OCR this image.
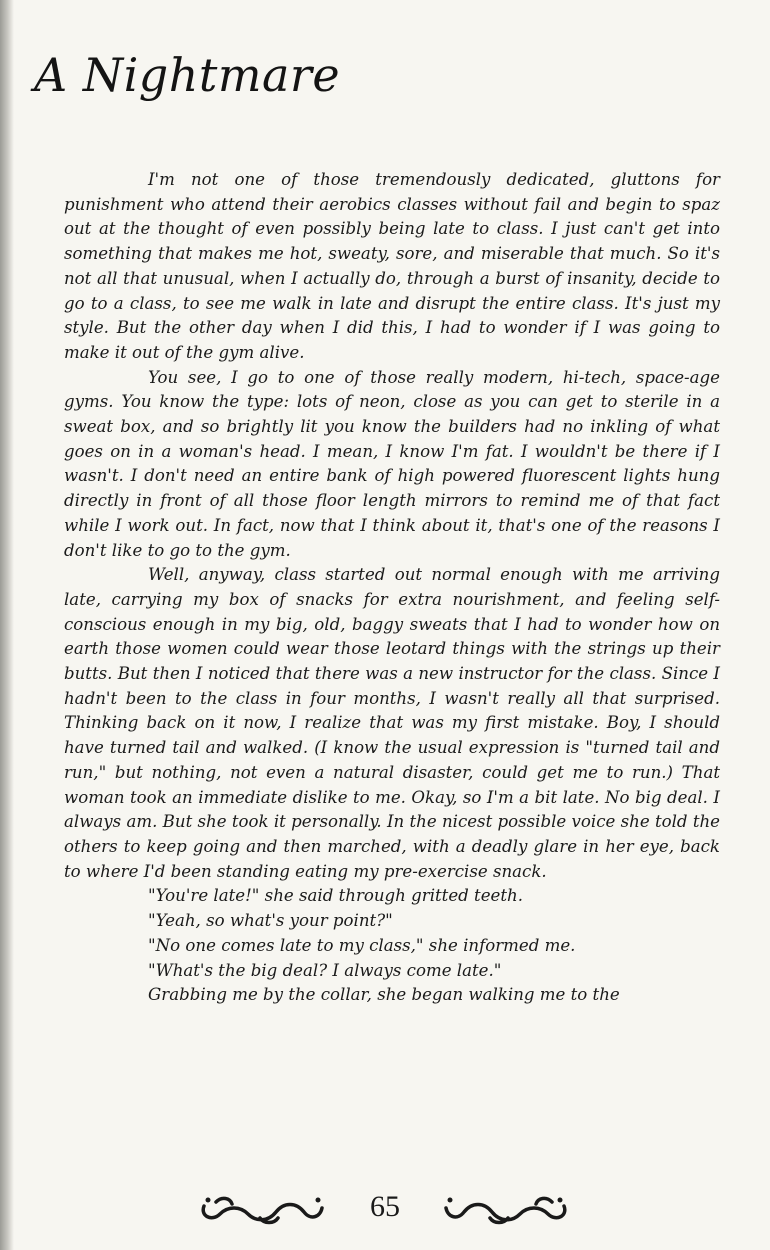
A Nightmare

I'm not one of those tremendously dedicated, gluttons for punishment who attend their aerobics classes without fail and begin to spaz out at the thought of even possibly being late to class. I just can't get into something that makes me hot, sweaty, sore, and miserable that much. So it's not all that unusual, when I actually do, through a burst of insanity, decide to go to a class, to see me walk in late and disrupt the entire class. It's just my style. But the other day when I did this, I had to wonder if I was going to make it out of the gym alive.

You see, I go to one of those really modern, hi-tech, space-age gyms. You know the type: lots of neon, close as you can get to sterile in a sweat box, and so brightly lit you know the builders had no inkling of what goes on in a woman's head. I mean, I know I'm fat. I wouldn't be there if I wasn't. I don't need an entire bank of high powered fluorescent lights hung directly in front of all those floor length mirrors to remind me of that fact while I work out. In fact, now that I think about it, that's one of the reasons I don't like to go to the gym.

Well, anyway, class started out normal enough with me arriving late, carrying my box of snacks for extra nourishment, and feeling self-conscious enough in my big, old, baggy sweats that I had to wonder how on earth those women could wear those leotard things with the strings up their butts. But then I noticed that there was a new instructor for the class. Since I hadn't been to the class in four months, I wasn't really all that surprised. Thinking back on it now, I realize that was my first mistake. Boy, I should have turned tail and walked. (I know the usual expression is "turned tail and run," but nothing, not even a natural disaster, could get me to run.) That woman took an immediate dislike to me. Okay, so I'm a bit late. No big deal. I always am. But she took it personally. In the nicest possible voice she told the others to keep going and then marched, with a deadly glare in her eye, back to where I'd been standing eating my pre-exercise snack.

"You're late!" she said through gritted teeth.

"Yeah, so what's your point?"

"No one comes late to my class," she informed me.

"What's the big deal? I always come late."

Grabbing me by the collar, she began walking me to the

65
